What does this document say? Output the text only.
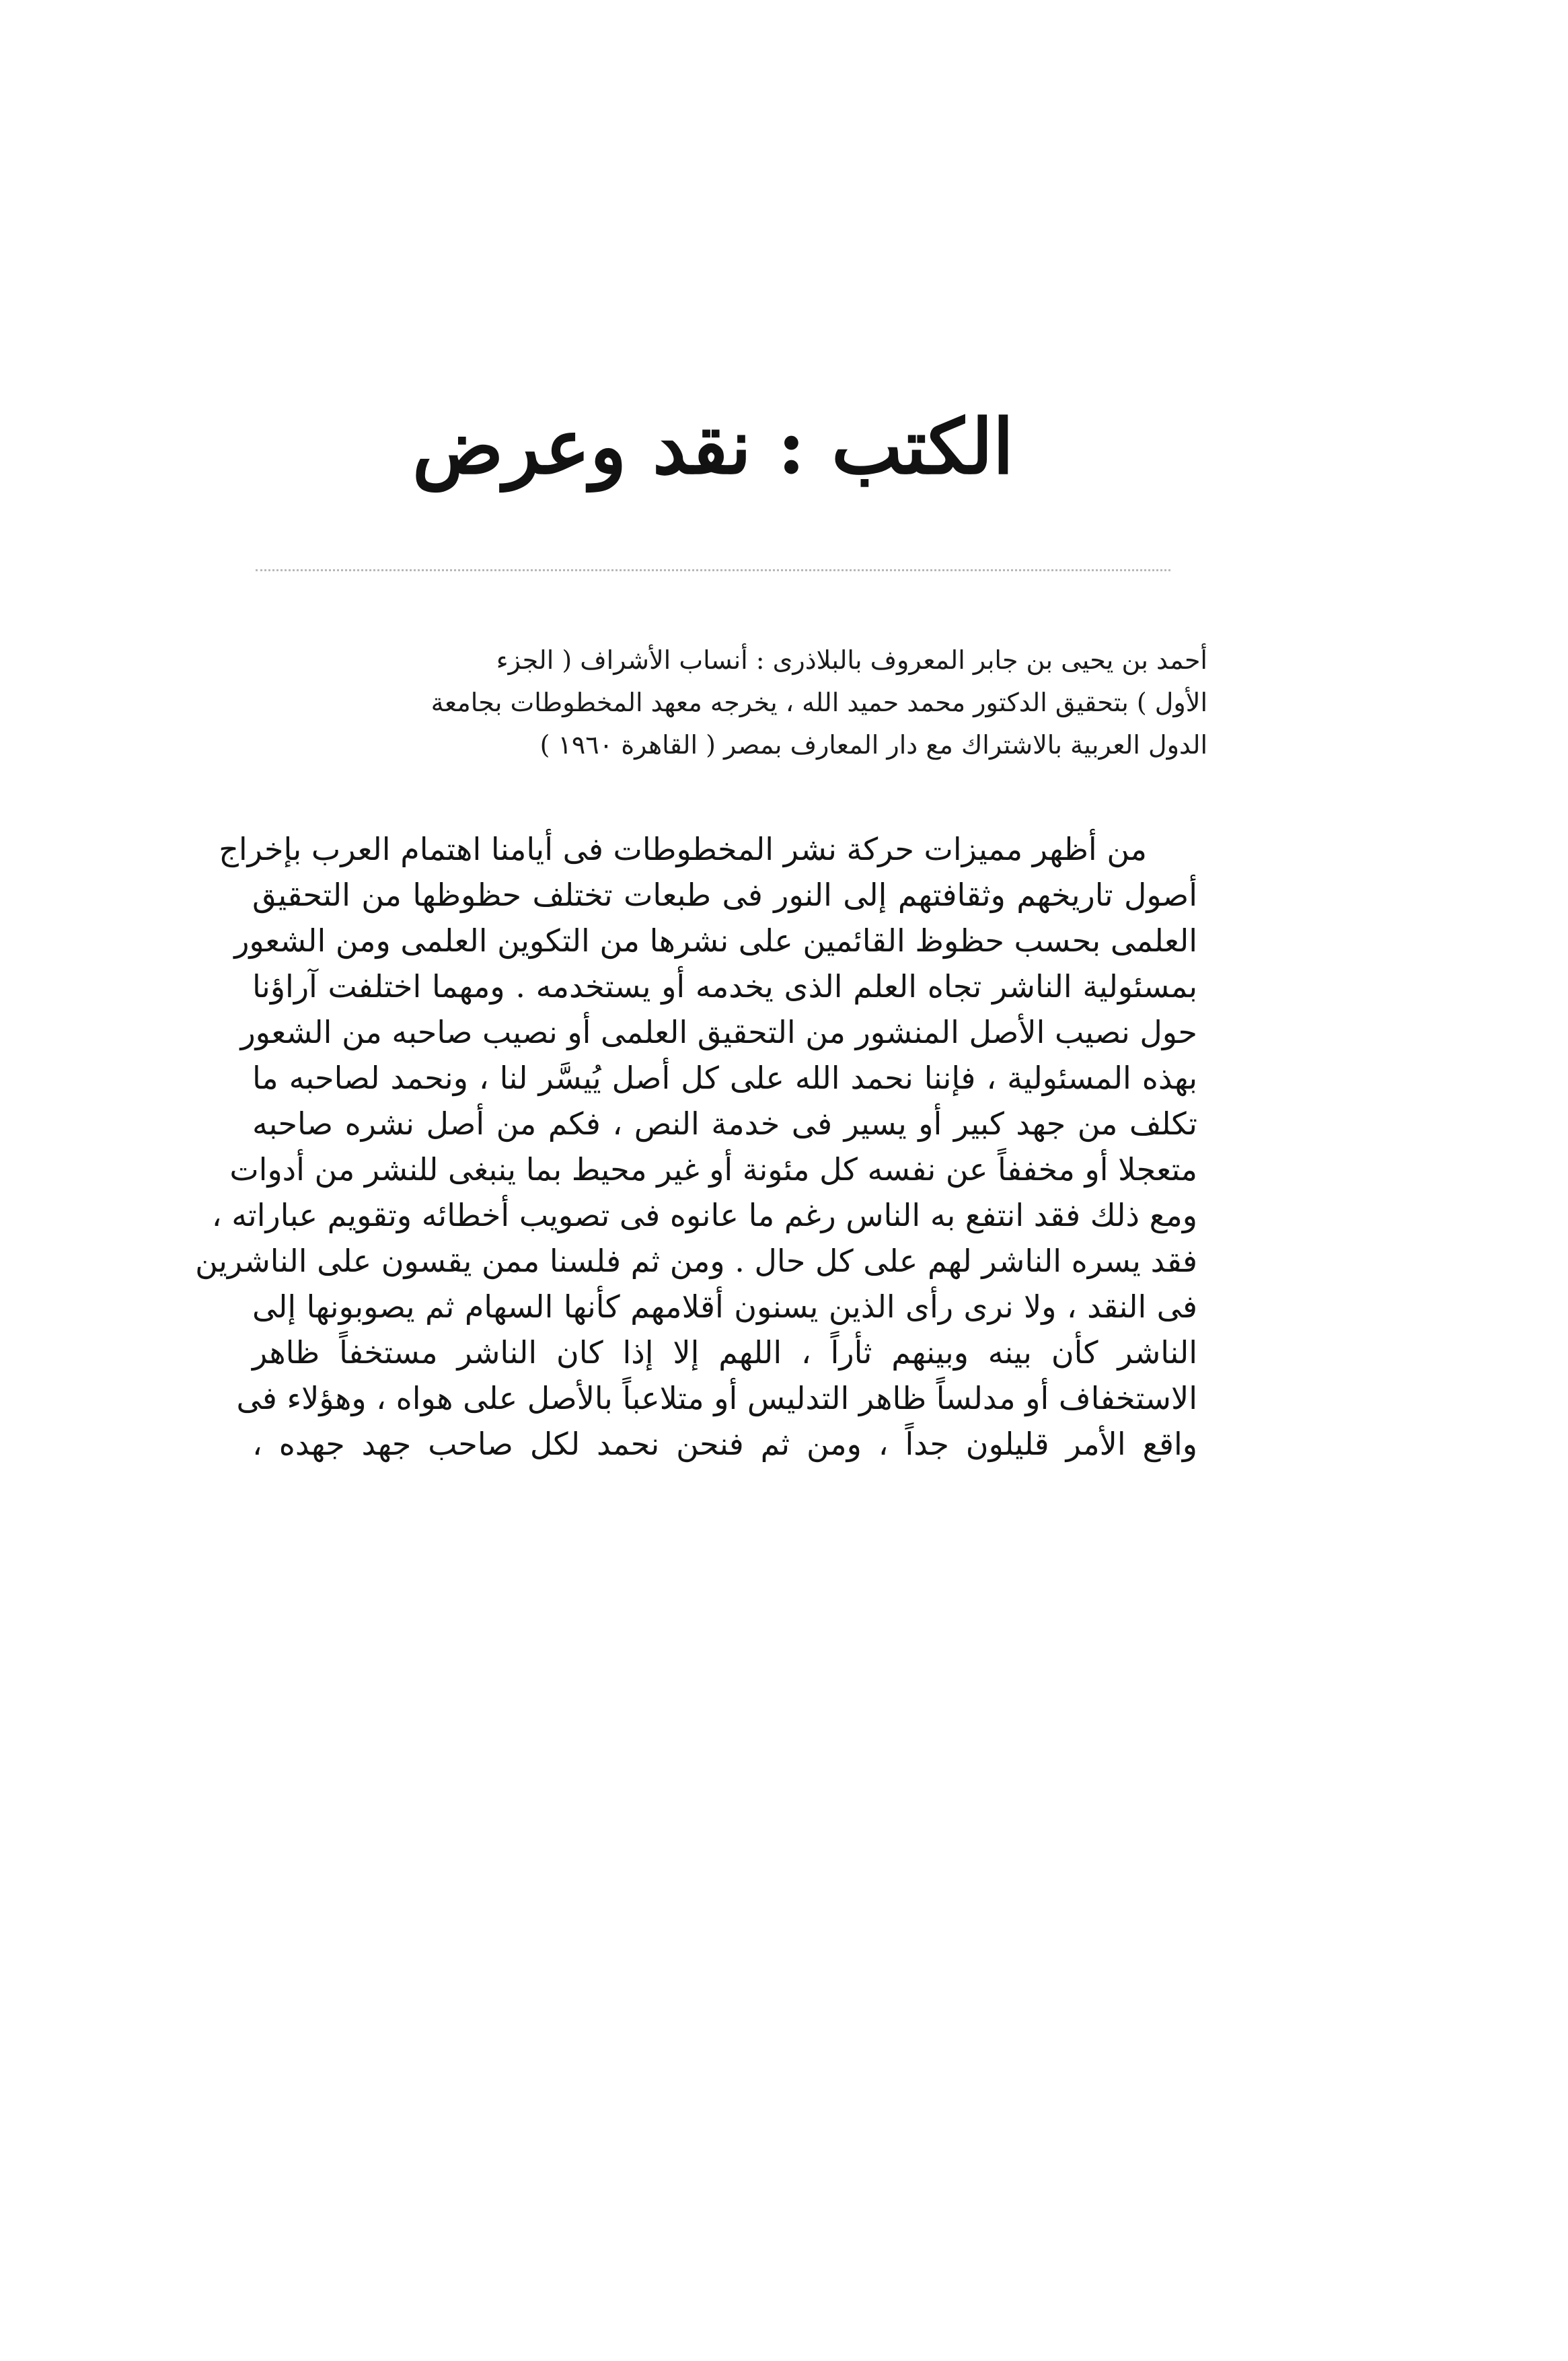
الكتب : نقد وعرض
أحمد بن يحيى بن جابر المعروف بالبلاذرى : أنساب الأشراف ( الجزء
الأول ) بتحقيق الدكتور محمد حميد الله ، يخرجه معهد المخطوطات بجامعة
الدول العربية بالاشتراك مع دار المعارف بمصر ( القاهرة ١٩٦٠ )
من أظهر مميزات حركة نشر المخطوطات فى أيامنا اهتمام العرب بإخراج
أصول تاريخهم وثقافتهم إلى النور فى طبعات تختلف حظوظها من التحقيق
العلمى بحسب حظوظ القائمين على نشرها من التكوين العلمى ومن الشعور
بمسئولية الناشر تجاه العلم الذى يخدمه أو يستخدمه . ومهما اختلفت آراؤنا
حول نصيب الأصل المنشور من التحقيق العلمى أو نصيب صاحبه من الشعور
بهذه المسئولية ، فإننا نحمد الله على كل أصل يُيسَّر لنا ، ونحمد لصاحبه ما
تكلف من جهد كبير أو يسير فى خدمة النص ، فكم من أصل نشره صاحبه
متعجلا أو مخففاً عن نفسه كل مئونة أو غير محيط بما ينبغى للنشر من أدوات
ومع ذلك فقد انتفع به الناس رغم ما عانوه فى تصويب أخطائه وتقويم عباراته ،
فقد يسره الناشر لهم على كل حال . ومن ثم فلسنا ممن يقسون على الناشرين
فى النقد ، ولا نرى رأى الذين يسنون أقلامهم كأنها السهام ثم يصوبونها إلى
الناشر كأن بينه وبينهم ثأراً ، اللهم إلا إذا كان الناشر مستخفاً ظاهر
الاستخفاف أو مدلساً ظاهر التدليس أو متلاعباً بالأصل على هواه ، وهؤلاء فى
واقع الأمر قليلون جداً ، ومن ثم فنحن نحمد لكل صاحب جهد جهده ،
